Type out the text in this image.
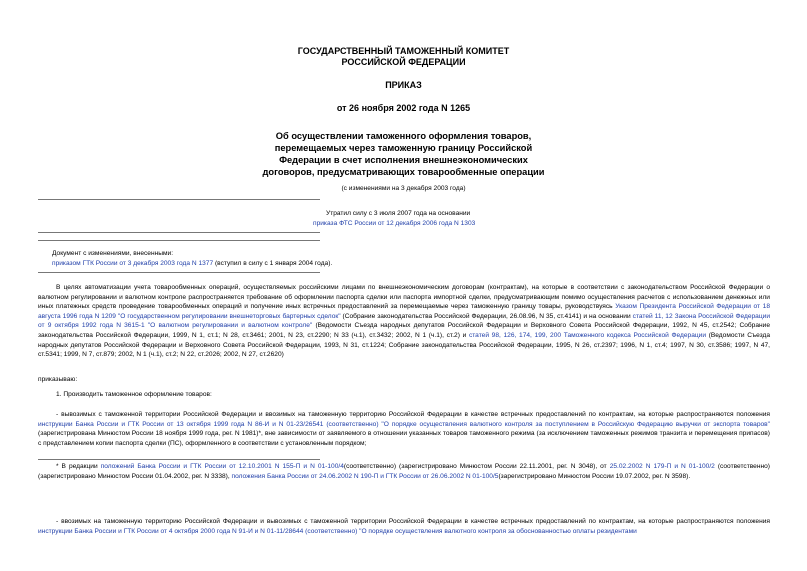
ГОСУДАРСТВЕННЫЙ ТАМОЖЕННЫЙ КОМИТЕТ
РОССИЙСКОЙ ФЕДЕРАЦИИ
ПРИКАЗ
от 26 ноября 2002 года N 1265
Об осуществлении таможенного оформления товаров,
перемещаемых через таможенную границу Российской
Федерации в счет исполнения внешнеэкономических
договоров, предусматривающих товарообменные операции
(с изменениями на 3 декабря 2003 года)
Утратил силу с 3 июля 2007 года на основании
приказа ФТС России от 12 декабря 2006 года N 1303
Документ с изменениями, внесенными:
приказом ГТК России от 3 декабря 2003 года N 1377 (вступил в силу с 1 января 2004 года).
В целях автоматизации учета товарообменных операций, осуществляемых российскими лицами по внешнеэкономическим договорам (контрактам), на которые в соответствии с законодательством Российской Федерации о валютном регулировании и валютном контроле распространяется требование об оформлении паспорта сделки или паспорта импортной сделки, предусматривающим помимо осуществления расчетов с использованием денежных или иных платежных средств проведение товарообменных операций и получение иных встречных предоставлений за перемещаемые через таможенную границу товары, руководствуясь Указом Президента Российской Федерации от 18 августа 1996 года N 1209 "О государственном регулировании внешнеторговых бартерных сделок" (Собрание законодательства Российской Федерации, 26.08.96, N 35, ст.4141) и на основании статей 11, 12 Закона Российской Федерации от 9 октября 1992 года N 3615-1 "О валютном регулировании и валютном контроле" (Ведомости Съезда народных депутатов Российской Федерации и Верховного Совета Российской Федерации, 1992, N 45, ст.2542; Собрание законодательства Российской Федерации, 1999, N 1, ст.1; N 28, ст.3461; 2001, N 23, ст.2290; N 33 (ч.1), ст.3432; 2002, N 1 (ч.1), ст.2) и статей 98, 126, 174, 199, 200 Таможенного кодекса Российской Федерации (Ведомости Съезда народных депутатов Российской Федерации и Верховного Совета Российской Федерации, 1993, N 31, ст.1224; Собрание законодательства Российской Федерации, 1995, N 26, ст.2397; 1996, N 1, ст.4; 1997, N 30, ст.3586; 1997, N 47, ст.5341; 1999, N 7, ст.879; 2002, N 1 (ч.1), ст.2; N 22, ст.2026; 2002, N 27, ст.2620)
приказываю:
1. Производить таможенное оформление товаров:
- вывозимых с таможенной территории Российской Федерации и ввозимых на таможенную территорию Российской Федерации в качестве встречных предоставлений по контрактам, на которые распространяются положения инструкции Банка России и ГТК России от 13 октября 1999 года N 86-И и N 01-23/26541 (соответственно) "О порядке осуществления валютного контроля за поступлением в Российскую Федерацию выручки от экспорта товаров" (зарегистрирована Минюстом России 18 ноября 1999 года, рег. N 1981)*, вне зависимости от заявляемого в отношении указанных товаров таможенного режима (за исключением таможенных режимов транзита и перемещения припасов) с представлением копии паспорта сделки (ПС), оформленного в соответствии с установленным порядком;
* В редакции положений Банка России и ГТК России от 12.10.2001 N 155-П и N 01-100/4(соответственно) (зарегистрировано Минюстом России 22.11.2001, рег. N 3048), от 25.02.2002 N 179-П и N 01-100/2 (соответственно) (зарегистрировано Минюстом России 01.04.2002, рег. N 3338), положения Банка России от 24.06.2002 N 190-П и ГТК России от 26.06.2002 N 01-100/5(зарегистрировано Минюстом России 19.07.2002, рег. N 3598).
- ввозимых на таможенную территорию Российской Федерации и вывозимых с таможенной территории Российской Федерации в качестве встречных предоставлений по контрактам, на которые распространяются положения инструкции Банка России и ГТК России от 4 октября 2000 года N 91-И и N 01-11/28644 (соответственно) "О порядке осуществления валютного контроля за обоснованностью оплаты резидентами
